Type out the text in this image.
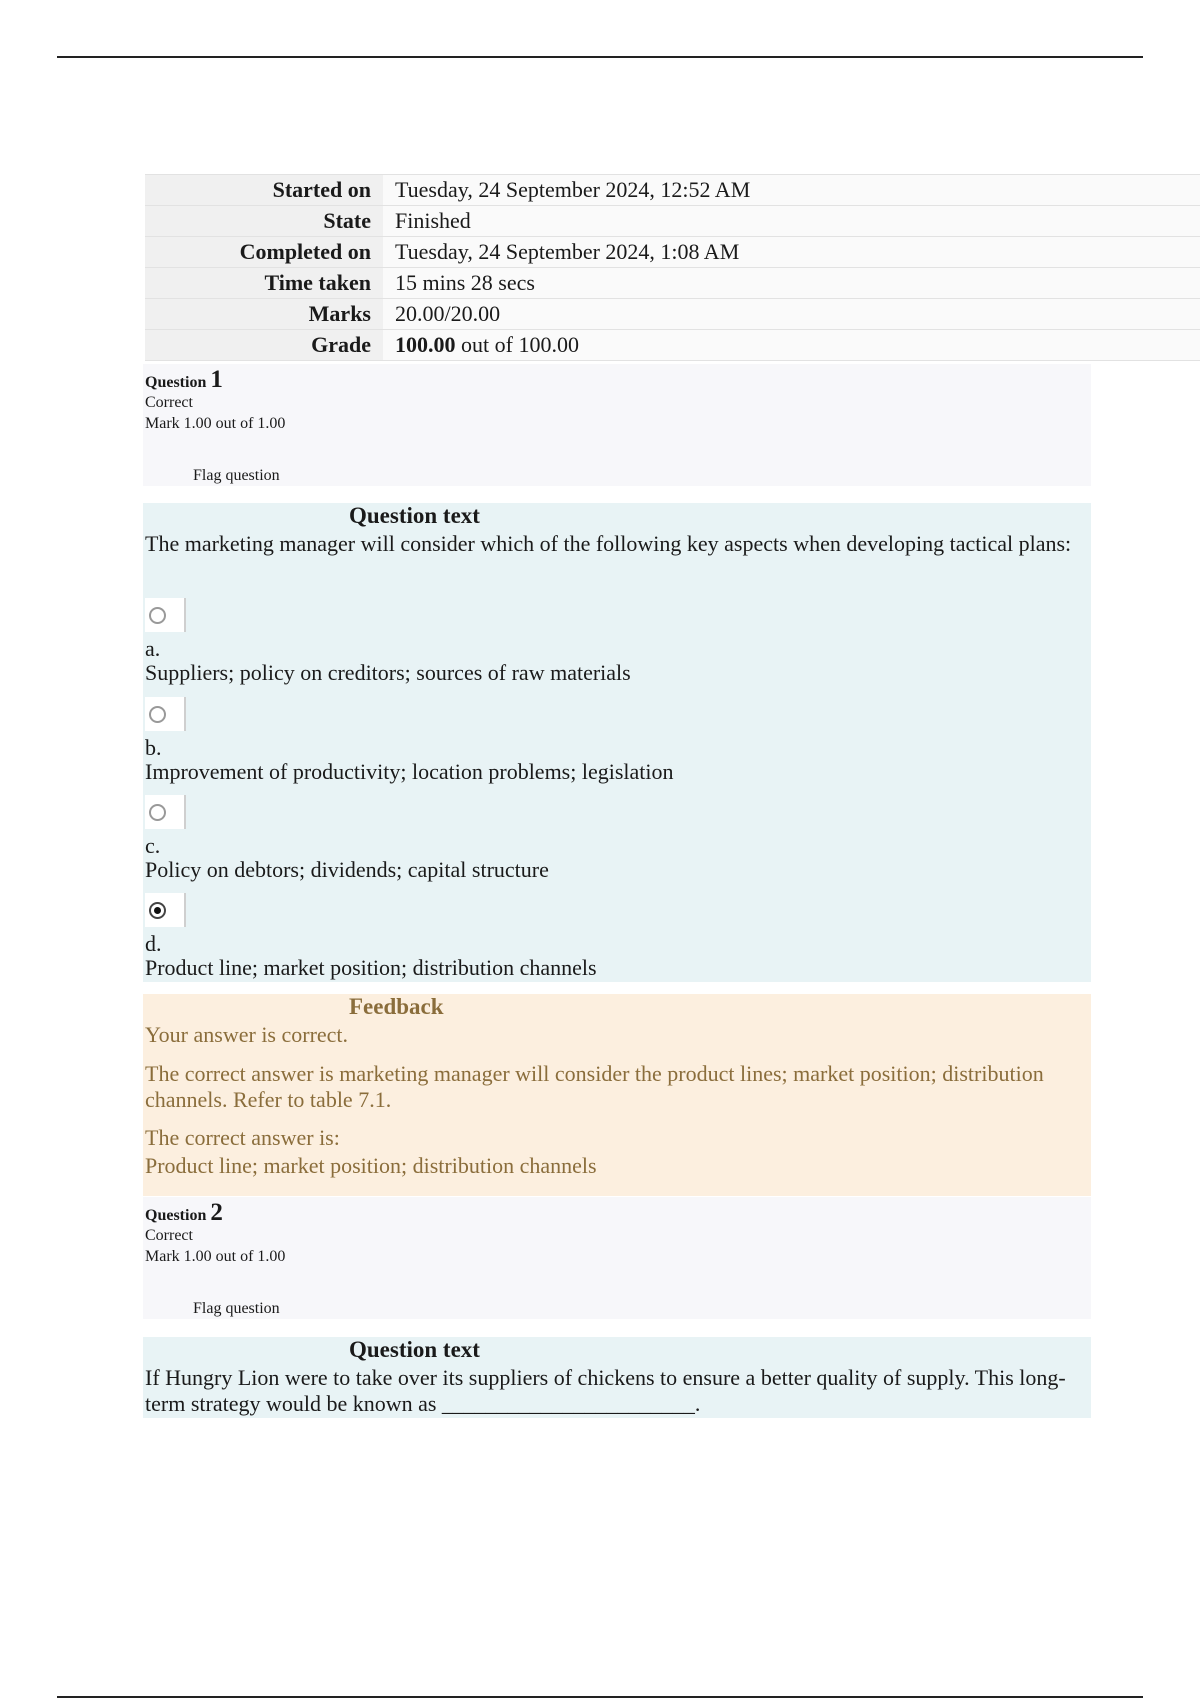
Started on	Tuesday, 24 September 2024, 12:52 AM
State	Finished
Completed on	Tuesday, 24 September 2024, 1:08 AM
Time taken	15 mins 28 secs
Marks	20.00/20.00
Grade	100.00 out of 100.00
Question 1
Correct
Mark 1.00 out of 1.00
Flag question
Question text
The marketing manager will consider which of the following key aspects when developing tactical plans:
a.
Suppliers; policy on creditors; sources of raw materials
b.
Improvement of productivity; location problems; legislation
c.
Policy on debtors; dividends; capital structure
d.
Product line; market position; distribution channels
Feedback

Your answer is correct.

The correct answer is marketing manager will consider the product lines; market position; distribution channels. Refer to table 7.1.

The correct answer is:

Product line; market position; distribution channels

Question 2
Correct
Mark 1.00 out of 1.00
Flag question
Question text
If Hungry Lion were to take over its suppliers of chickens to ensure a better quality of supply. This long-term strategy would be known as _______________________.
